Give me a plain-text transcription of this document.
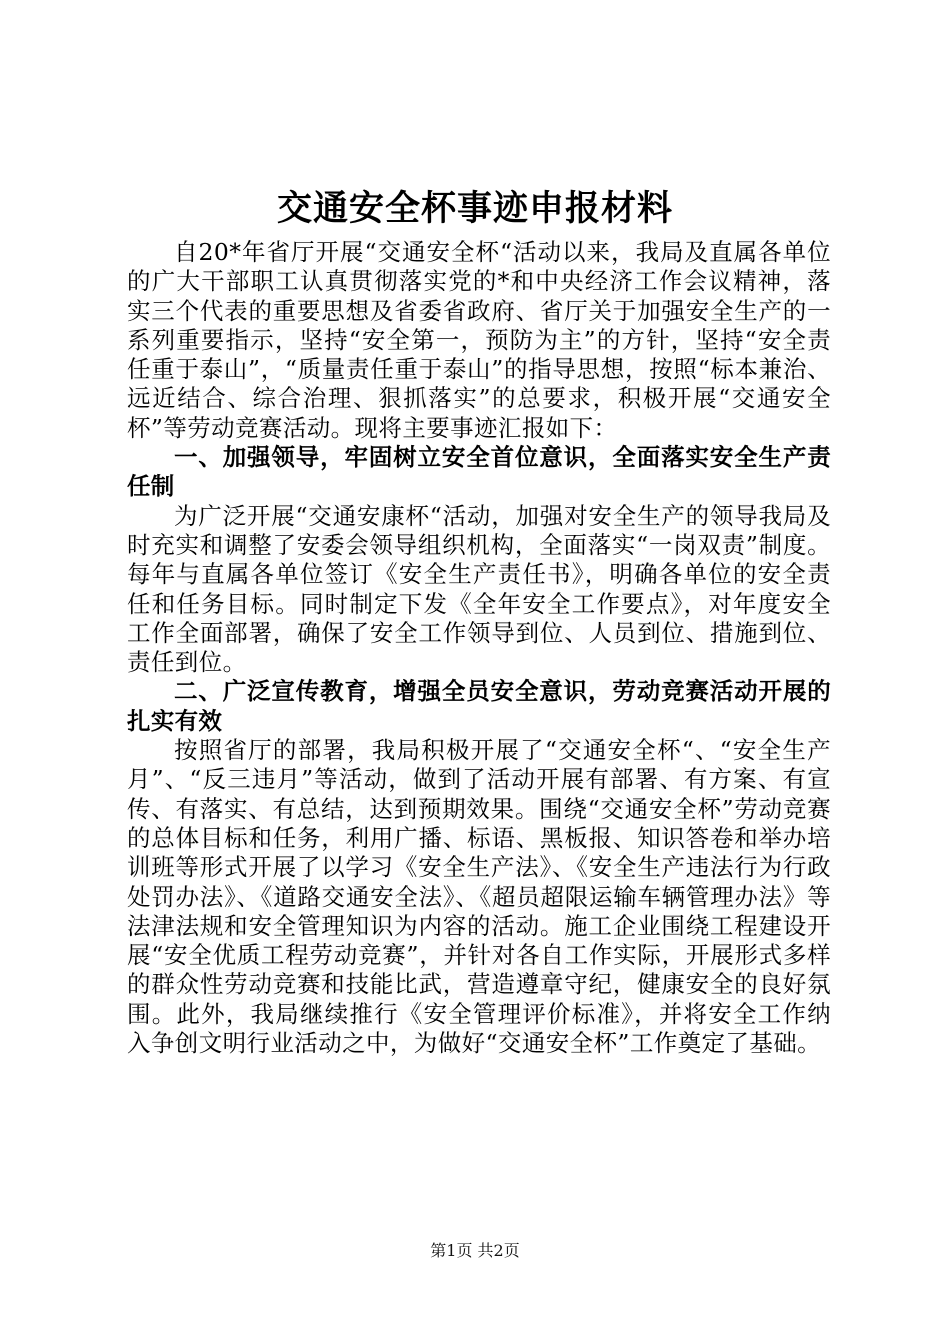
交通安全杯事迹申报材料

自20*年省厅开展“交通安全杯“活动以来，我局及直属各单位的广大干部职工认真贯彻落实党的*和中央经济工作会议精神，落实三个代表的重要思想及省委省政府、省厅关于加强安全生产的一系列重要指示，坚持“安全第一，预防为主”的方针，坚持“安全责任重于泰山”，“质量责任重于泰山”的指导思想，按照“标本兼治、远近结合、综合治理、狠抓落实”的总要求，积极开展“交通安全杯”等劳动竞赛活动。现将主要事迹汇报如下：

一、加强领导，牢固树立安全首位意识，全面落实安全生产责任制

为广泛开展“交通安康杯“活动，加强对安全生产的领导我局及时充实和调整了安委会领导组织机构，全面落实“一岗双责”制度。每年与直属各单位签订《安全生产责任书》，明确各单位的安全责任和任务目标。同时制定下发《全年安全工作要点》，对年度安全工作全面部署，确保了安全工作领导到位、人员到位、措施到位、责任到位。

二、广泛宣传教育，增强全员安全意识，劳动竞赛活动开展的扎实有效

按照省厅的部署，我局积极开展了“交通安全杯“、“安全生产月”、“反三违月”等活动，做到了活动开展有部署、有方案、有宣传、有落实、有总结，达到预期效果。围绕“交通安全杯”劳动竞赛的总体目标和任务，利用广播、标语、黑板报、知识答卷和举办培训班等形式开展了以学习《安全生产法》、《安全生产违法行为行政处罚办法》、《道路交通安全法》、《超员超限运输车辆管理办法》等法津法规和安全管理知识为内容的活动。施工企业围绕工程建设开展“安全优质工程劳动竞赛”，并针对各自工作实际，开展形式多样的群众性劳动竞赛和技能比武，营造遵章守纪，健康安全的良好氛围。此外，我局继续推行《安全管理评价标准》，并将安全工作纳入争创文明行业活动之中，为做好“交通安全杯”工作奠定了基础。

第1页 共2页
